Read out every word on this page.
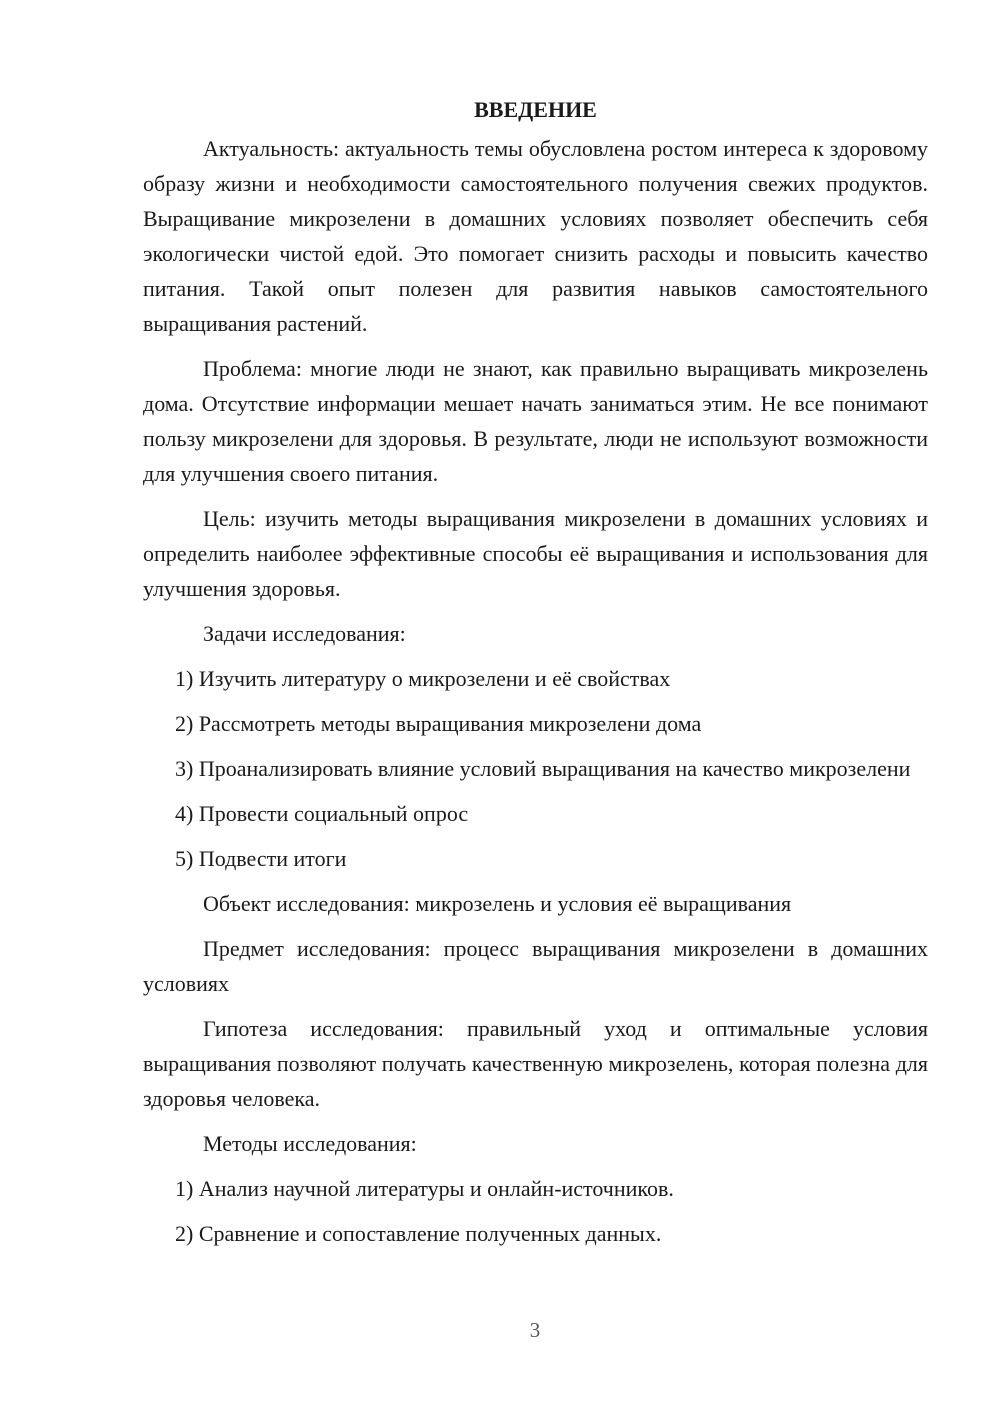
ВВЕДЕНИЕ

Актуальность: актуальность темы обусловлена ростом интереса к здоровому образу жизни и необходимости самостоятельного получения свежих продуктов. Выращивание микрозелени в домашних условиях позволяет обеспечить себя экологически чистой едой. Это помогает снизить расходы и повысить качество питания. Такой опыт полезен для развития навыков самостоятельного выращивания растений.

Проблема: многие люди не знают, как правильно выращивать микрозелень дома. Отсутствие информации мешает начать заниматься этим. Не все понимают пользу микрозелени для здоровья. В результате, люди не используют возможности для улучшения своего питания.

Цель: изучить методы выращивания микрозелени в домашних условиях и определить наиболее эффективные способы её выращивания и использования для улучшения здоровья.

Задачи исследования:

1) Изучить литературу о микрозелени и её свойствах

2) Рассмотреть методы выращивания микрозелени дома

3) Проанализировать влияние условий выращивания на качество микрозелени

4) Провести социальный опрос

5) Подвести итоги

Объект исследования: микрозелень и условия её выращивания

Предмет исследования: процесс выращивания микрозелени в домашних условиях

Гипотеза исследования: правильный уход и оптимальные условия выращивания позволяют получать качественную микрозелень, которая полезна для здоровья человека.

Методы исследования:

1) Анализ научной литературы и онлайн-источников.

2) Сравнение и сопоставление полученных данных.

3
